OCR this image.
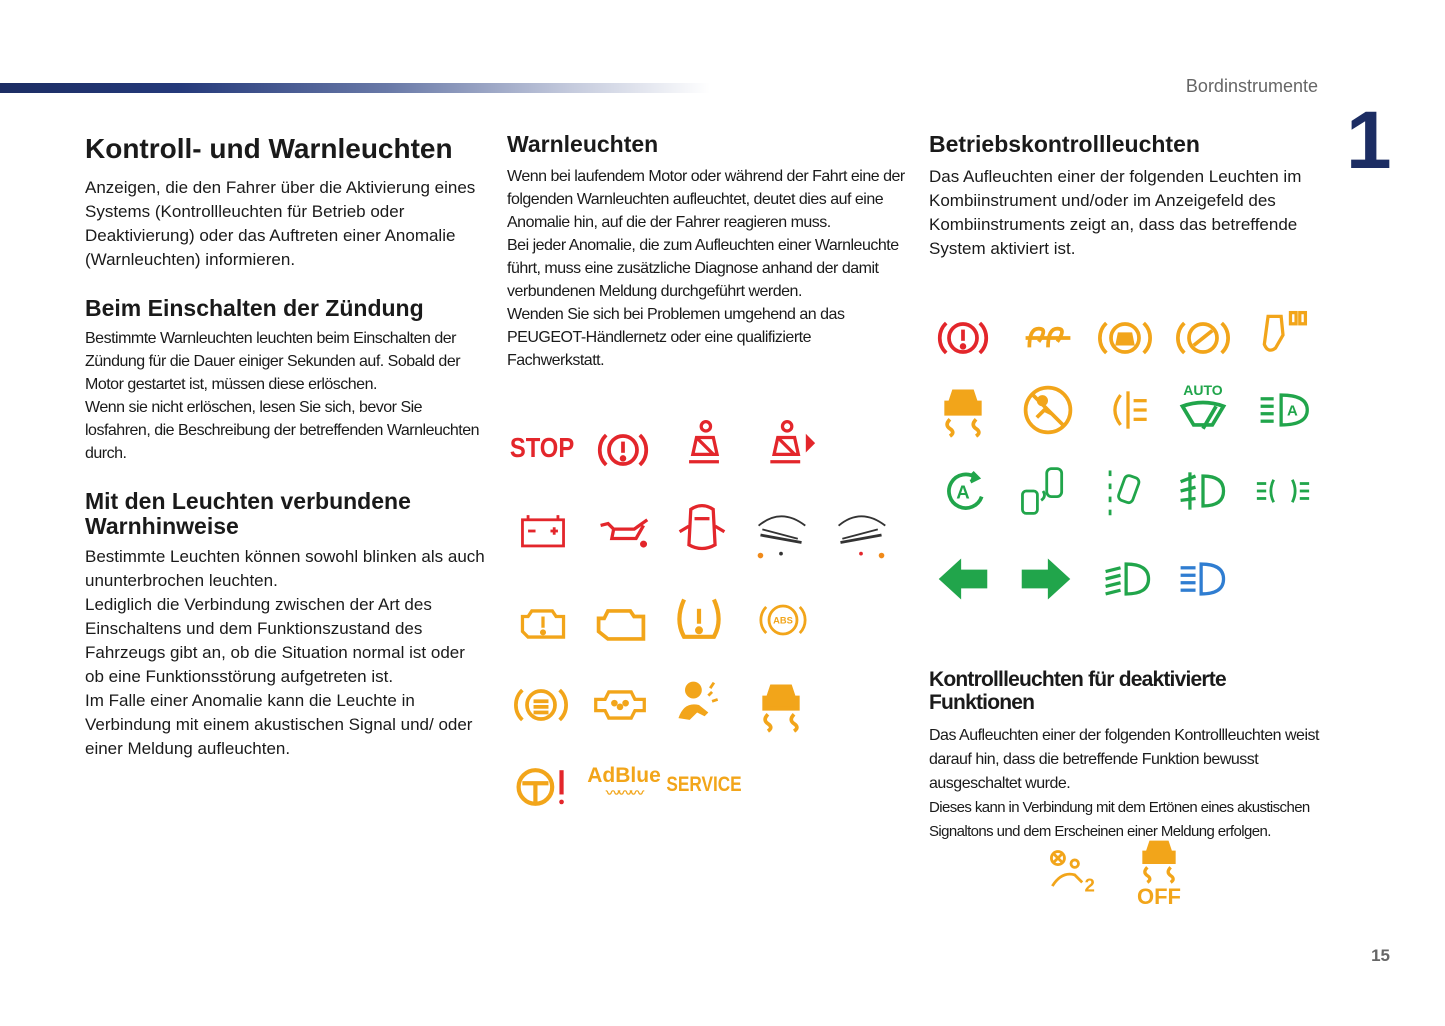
Bordinstrumente
1
15
Kontroll- und Warnleuchten

Anzeigen, die den Fahrer über die Aktivierung eines Systems (Kontrollleuchten für Betrieb oder Deaktivierung) oder das Auftreten einer Anomalie (Warnleuchten) informieren.

Beim Einschalten der Zündung

Bestimmte Warnleuchten leuchten beim Einschalten der Zündung für die Dauer einiger Sekunden auf. Sobald der Motor gestartet ist, müssen diese erlöschen.

Wenn sie nicht erlöschen, lesen Sie sich, bevor Sie losfahren, die Beschreibung der betreffenden Warnleuchten durch.

Mit den Leuchten verbundene Warnhinweise

Bestimmte Leuchten können sowohl blinken als auch ununterbrochen leuchten.

Lediglich die Verbindung zwischen der Art des Einschaltens und dem Funktionszustand des Fahrzeugs gibt an, ob die Situation normal ist oder ob eine Funktionsstörung aufgetreten ist.

Im Falle einer Anomalie kann die Leuchte in Verbindung mit einem akustischen Signal und/ oder einer Meldung aufleuchten.

Warnleuchten

Wenn bei laufendem Motor oder während der Fahrt eine der folgenden Warnleuchten aufleuchtet, deutet dies auf eine Anomalie hin, auf die der Fahrer reagieren muss.

Bei jeder Anomalie, die zum Aufleuchten einer Warnleuchte führt, muss eine zusätzliche Diagnose anhand der damit verbundenen Meldung durchgeführt werden.

Wenden Sie sich bei Problemen umgehend an das PEUGEOT-Händlernetz oder eine qualifizierte Fachwerkstatt.

Betriebskontrollleuchten

Das Aufleuchten einer der folgenden Leuchten im Kombiinstrument und/oder im Anzeigefeld des Kombiinstruments zeigt an, dass das betreffende System aktiviert ist.

Kontrollleuchten für deaktivierte Funktionen

Das Aufleuchten einer der folgenden Kontrollleuchten weist darauf hin, dass die betreffende Funktion bewusst ausgeschaltet wurde.

Dieses kann in Verbindung mit dem Ertönen eines akustischen Signaltons und dem Erscheinen einer Meldung erfolgen.

STOP
ABS
AdBlue
〰〰〰 SERVICE
AUTO
A
A
2 OFF
